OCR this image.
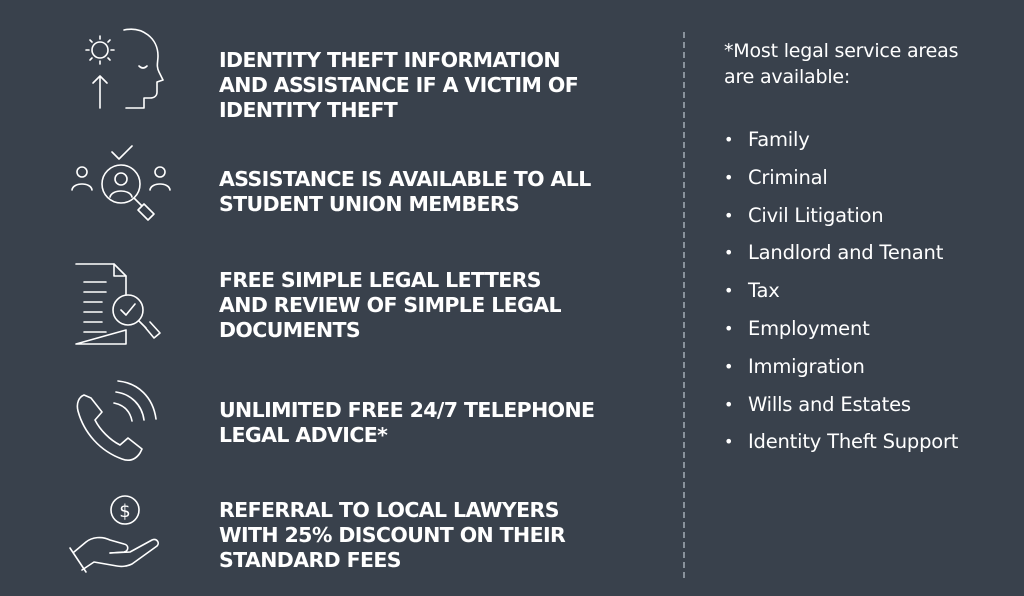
IDENTITY THEFT INFORMATION
AND ASSISTANCE IF A VICTIM OF
IDENTITY THEFT
ASSISTANCE IS AVAILABLE TO ALL
STUDENT UNION MEMBERS
FREE SIMPLE LEGAL LETTERS
AND REVIEW OF SIMPLE LEGAL
DOCUMENTS
UNLIMITED FREE 24/7 TELEPHONE
LEGAL ADVICE*
$	REFERRAL TO LOCAL LAWYERS
WITH 25% DISCOUNT ON THEIR
STANDARD FEES
*Most legal service areas
are available:
• Family
• Criminal
• Civil Litigation
• Landlord and Tenant
• Tax
• Employment
• Immigration
• Wills and Estates
• Identity Theft Support
